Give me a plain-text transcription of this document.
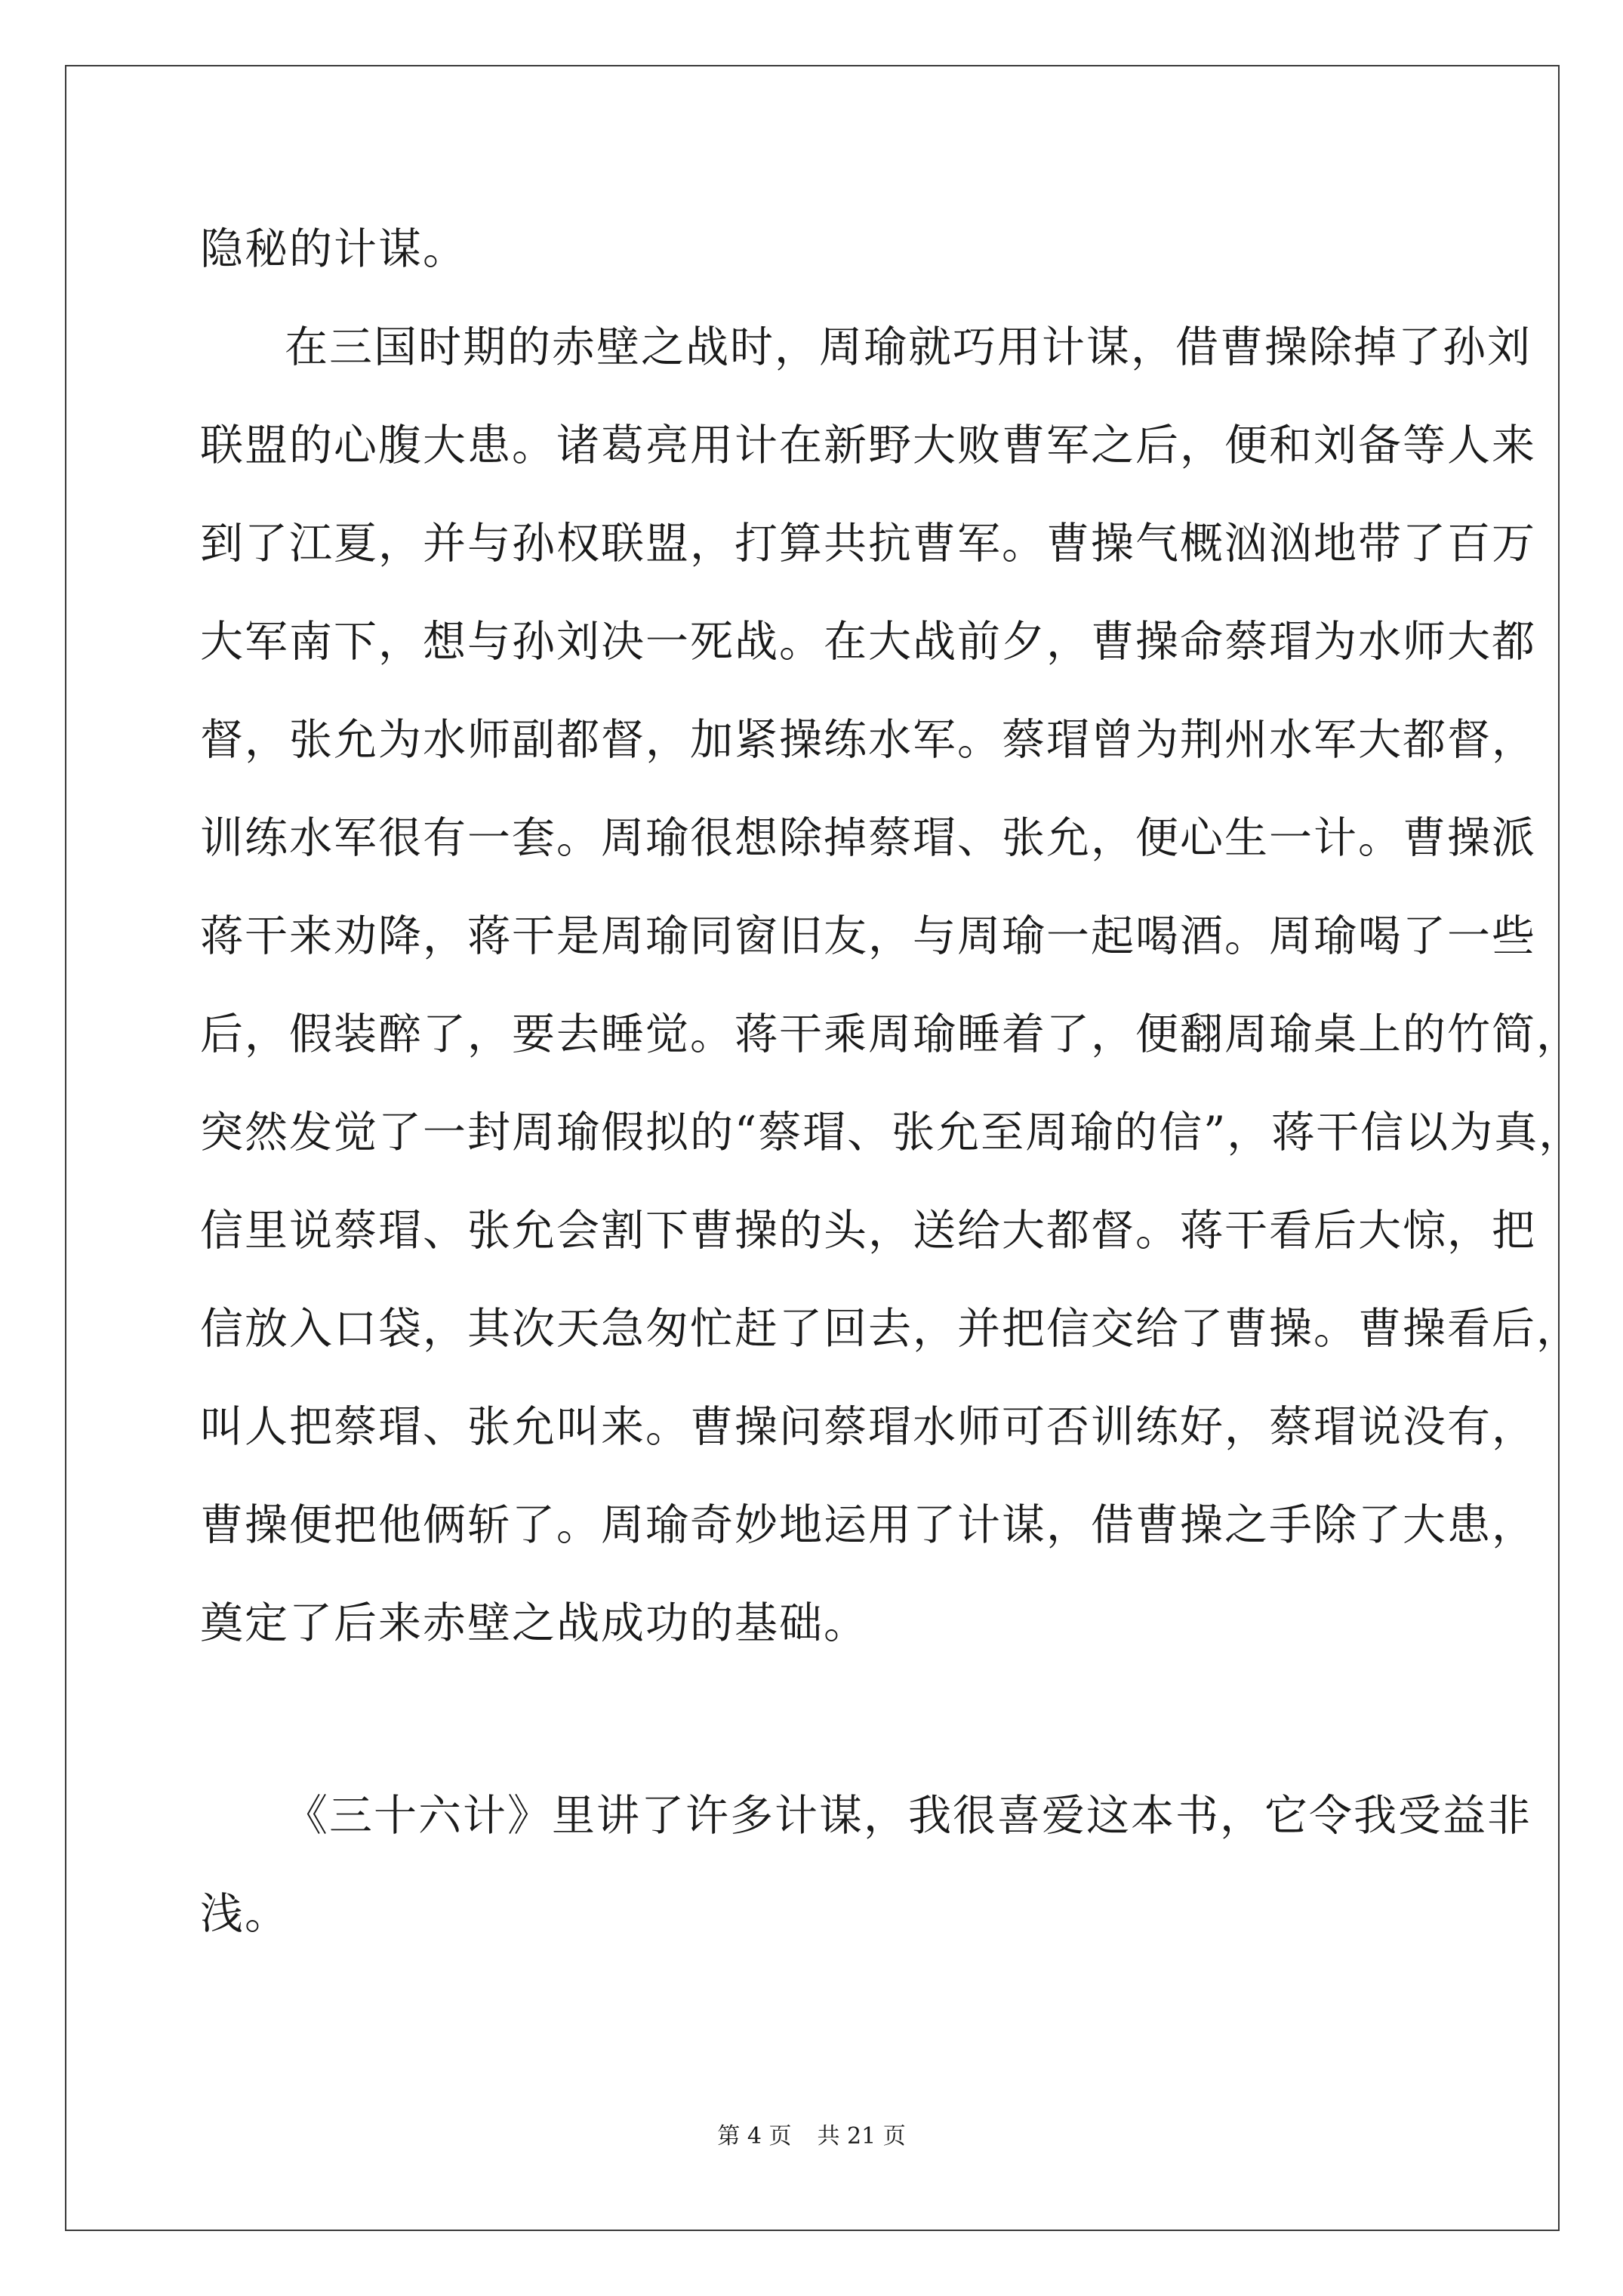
隐秘的计谋。
在三国时期的赤壁之战时，周瑜就巧用计谋，借曹操除掉了孙刘
联盟的心腹大患。诸葛亮用计在新野大败曹军之后，便和刘备等人来
到了江夏，并与孙权联盟，打算共抗曹军。曹操气概汹汹地带了百万
大军南下，想与孙刘决一死战。在大战前夕，曹操命蔡瑁为水师大都
督，张允为水师副都督，加紧操练水军。蔡瑁曾为荆州水军大都督，
训练水军很有一套。周瑜很想除掉蔡瑁、张允，便心生一计。曹操派
蒋干来劝降，蒋干是周瑜同窗旧友，与周瑜一起喝酒。周瑜喝了一些
后，假装醉了，要去睡觉。蒋干乘周瑜睡着了，便翻周瑜桌上的竹简，
突然发觉了一封周瑜假拟的“蔡瑁、张允至周瑜的信”，蒋干信以为真，
信里说蔡瑁、张允会割下曹操的头，送给大都督。蒋干看后大惊，把
信放入口袋，其次天急匆忙赶了回去，并把信交给了曹操。曹操看后，
叫人把蔡瑁、张允叫来。曹操问蔡瑁水师可否训练好，蔡瑁说没有，
曹操便把他俩斩了。周瑜奇妙地运用了计谋，借曹操之手除了大患，
奠定了后来赤壁之战成功的基础。
《三十六计》里讲了许多计谋，我很喜爱这本书，它令我受益非
浅。
第 4 页 共 21 页
